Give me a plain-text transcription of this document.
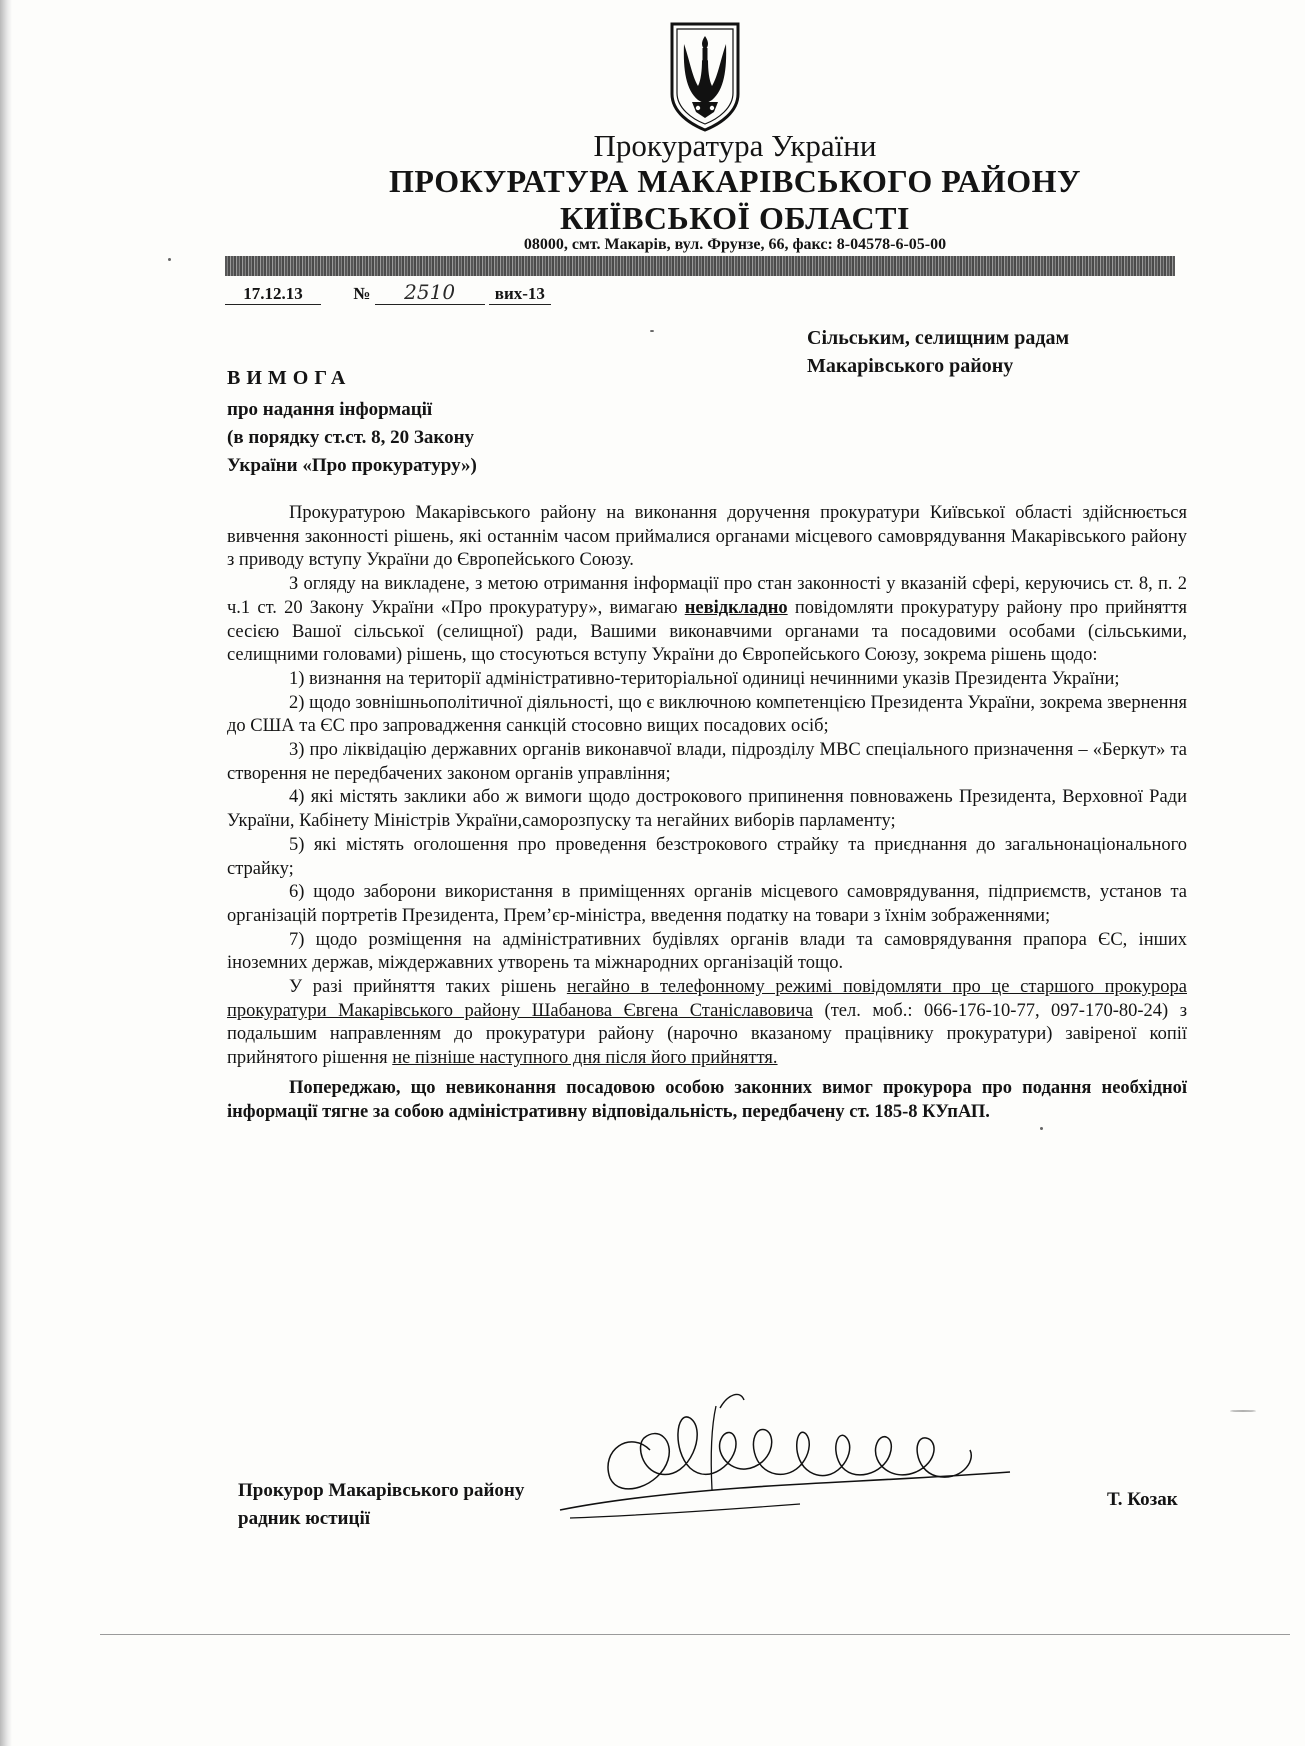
Прокуратура України
ПРОКУРАТУРА МАКАРІВСЬКОГО РАЙОНУ
КИЇВСЬКОЇ ОБЛАСТІ
08000, смт. Макарів, вул. Фрунзе, 66, факс: 8-04578-6-05-00
17.12.13	№ 2510 вих-13
Сільським, селищним радам
Макарівського району
ВИМОГА
про надання інформації
(в порядку ст.ст. 8, 20 Закону
України «Про прокуратуру»)

Прокуратурою Макарівського району на виконання доручення прокуратури Київської області здійснюється вивчення законності рішень, які останнім часом приймалися органами місцевого самоврядування Макарівського району з приводу вступу України до Європейського Союзу.

З огляду на викладене, з метою отримання інформації про стан законності у вказаній сфері, керуючись ст. 8, п. 2 ч.1 ст. 20 Закону України «Про прокуратуру», вимагаю невідкладно повідомляти прокуратуру району про прийняття сесією Вашої сільської (селищної) ради, Вашими виконавчими органами та посадовими особами (сільськими, селищними головами) рішень, що стосуються вступу України до Європейського Союзу, зокрема рішень щодо:

1) визнання на території адміністративно-територіальної одиниці нечинними указів Президента України;

2) щодо зовнішньополітичної діяльності, що є виключною компетенцією Президента України, зокрема звернення до США та ЄС про запровадження санкцій стосовно вищих посадових осіб;

3) про ліквідацію державних органів виконавчої влади, підрозділу МВС спеціального призначення – «Беркут» та створення не передбачених законом органів управління;

4) які містять заклики або ж вимоги щодо дострокового припинення повноважень Президента, Верховної Ради України, Кабінету Міністрів України,саморозпуску та негайних виборів парламенту;

5) які містять оголошення про проведення безстрокового страйку та приєднання до загальнонаціонального страйку;

6) щодо заборони використання в приміщеннях органів місцевого самоврядування, підприємств, установ та організацій портретів Президента, Прем’єр-міністра, введення податку на товари з їхнім зображеннями;

7) щодо розміщення на адміністративних будівлях органів влади та самоврядування прапора ЄС, інших іноземних держав, міждержавних утворень та міжнародних організацій тощо.

У разі прийняття таких рішень негайно в телефонному режимі повідомляти про це старшого прокурора прокуратури Макарівського району Шабанова Євгена Станіславовича (тел. моб.: 066-176-10-77, 097-170-80-24) з подальшим направленням до прокуратури району (нарочно вказаному працівнику прокуратури) завіреної копії прийнятого рішення не пізніше наступного дня після його прийняття.

Попереджаю, що невиконання посадовою особою законних вимог прокурора про подання необхідної інформації тягне за собою адміністративну відповідальність, передбачену ст. 185-8 КУпАП.

Прокурор Макарівського району
радник юстиції
Т. Козак
